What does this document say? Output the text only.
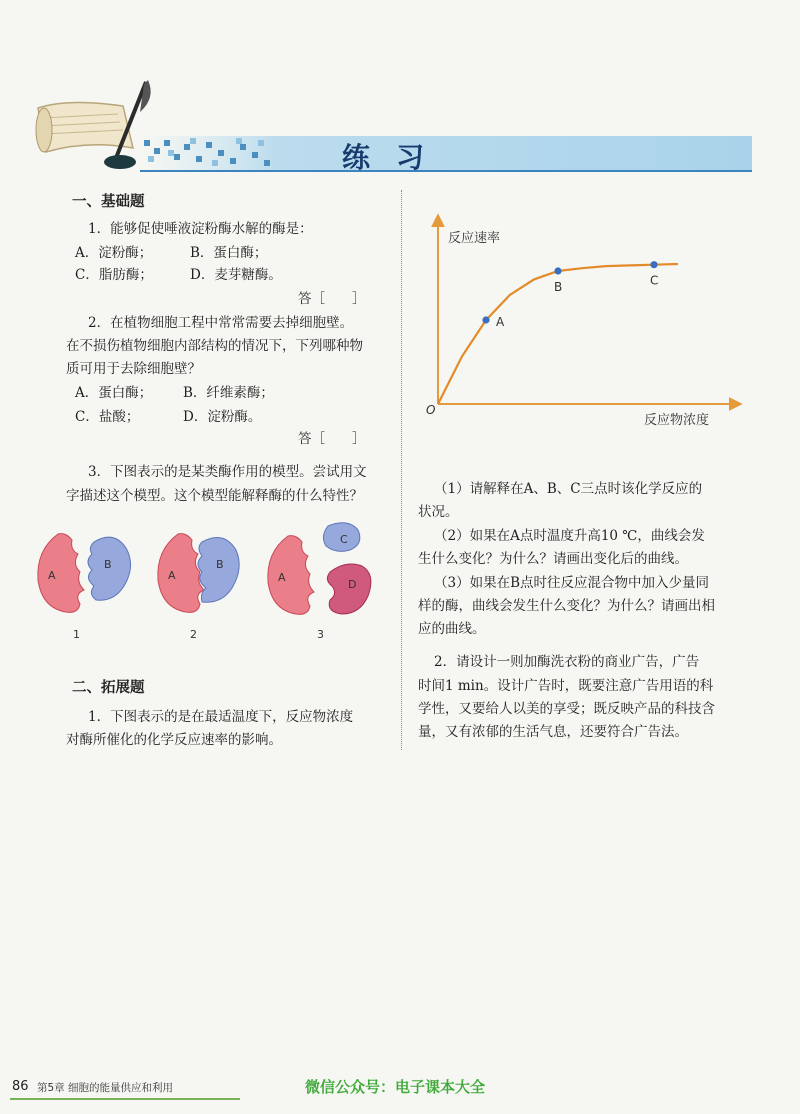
练习
一、基础题
1．能够促使唾液淀粉酶水解的酶是：
A．淀粉酶；	B．蛋白酶；
C．脂肪酶；	D．麦芽糖酶。
答［　　］
2．在植物细胞工程中常常需要去掉细胞壁。
在不损伤植物细胞内部结构的情况下，下列哪种物
质可用于去除细胞壁？
A．蛋白酶； B．纤维素酶；
C．盐酸；	D．淀粉酶。
答［　　］
3．下图表示的是某类酶作用的模型。尝试用文
字描述这个模型。这个模型能解释酶的什么特性？
A
B
A
B
A
C
D
1	2	3
二、拓展题
1．下图表示的是在最适温度下，反应物浓度
对酶所催化的化学反应速率的影响。
反应速率
反应物浓度
O
A
B	C
（1）请解释在A、B、C三点时该化学反应的
状况。
（2）如果在A点时温度升高10 ℃，曲线会发
生什么变化？为什么？请画出变化后的曲线。
（3）如果在B点时往反应混合物中加入少量同
样的酶，曲线会发生什么变化？为什么？请画出相
应的曲线。
2．请设计一则加酶洗衣粉的商业广告，广告
时间1 min。设计广告时，既要注意广告用语的科
学性，又要给人以美的享受；既反映产品的科技含
量，又有浓郁的生活气息，还要符合广告法。
86 第5章 细胞的能量供应和利用	微信公众号：电子课本大全
